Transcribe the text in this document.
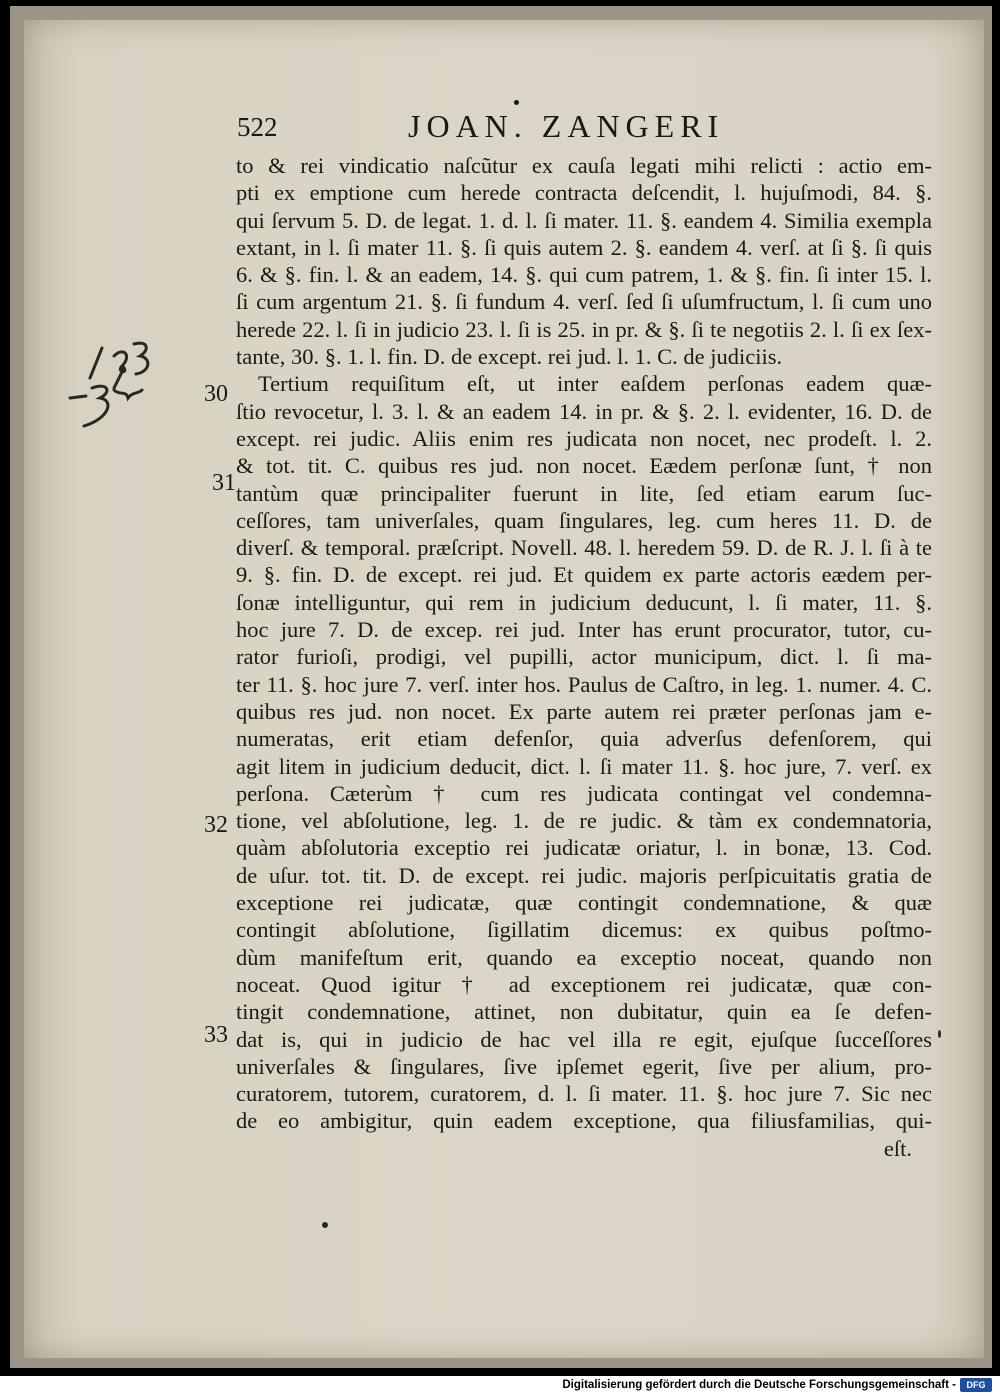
522	JOAN. ZANGERI
30
31
32
33
to & rei vindicatio naſcũtur ex cauſa legati mihi relicti : actio em-
pti ex emptione cum herede contracta deſcendit, l. hujuſmodi, 84. §.
qui ſervum 5. D. de legat. 1. d. l. ſi mater. 11. §. eandem 4. Similia exempla
extant, in l. ſi mater 11. §. ſi quis autem 2. §. eandem 4. verſ. at ſi §. ſi quis
6. & §. fin. l. & an eadem, 14. §. qui cum patrem, 1. & §. fin. ſi inter 15. l.
ſi cum argentum 21. §. ſi fundum 4. verſ. ſed ſi uſumfructum, l. ſi cum uno
herede 22. l. ſi in judicio 23. l. ſi is 25. in pr. & §. ſi te negotiis 2. l. ſi ex ſex-
tante, 30. §. 1. l. fin. D. de except. rei jud. l. 1. C. de judiciis.
Tertium requiſitum eſt, ut inter eaſdem perſonas eadem quæ-
ſtio revocetur, l. 3. l. & an eadem 14. in pr. & §. 2. l. evidenter, 16. D. de
except. rei judic. Aliis enim res judicata non nocet, nec prodeſt. l. 2.
& tot. tit. C. quibus res jud. non nocet. Eædem perſonæ ſunt, † non
tantùm quæ principaliter fuerunt in lite, ſed etiam earum ſuc-
ceſſores, tam univerſales, quam ſingulares, leg. cum heres 11. D. de
diverſ. & temporal. præſcript. Novell. 48. l. heredem 59. D. de R. J. l. ſi à te
9. §. fin. D. de except. rei jud. Et quidem ex parte actoris eædem per-
ſonæ intelliguntur, qui rem in judicium deducunt, l. ſi mater, 11. §.
hoc jure 7. D. de excep. rei jud. Inter has erunt procurator, tutor, cu-
rator furioſi, prodigi, vel pupilli, actor municipum, dict. l. ſi ma-
ter 11. §. hoc jure 7. verſ. inter hos. Paulus de Caſtro, in leg. 1. numer. 4. C.
quibus res jud. non nocet. Ex parte autem rei præter perſonas jam e-
numeratas, erit etiam defenſor, quia adverſus defenſorem, qui
agit litem in judicium deducit, dict. l. ſi mater 11. §. hoc jure, 7. verſ. ex
perſona. Cæterùm † cum res judicata contingat vel condemna-
tione, vel abſolutione, leg. 1. de re judic. & tàm ex condemnatoria,
quàm abſolutoria exceptio rei judicatæ oriatur, l. in bonæ, 13. Cod.
de uſur. tot. tit. D. de except. rei judic. majoris perſpicuitatis gratia de
exceptione rei judicatæ, quæ contingit condemnatione, & quæ
contingit abſolutione, ſigillatim dicemus: ex quibus poſtmo-
dùm manifeſtum erit, quando ea exceptio noceat, quando non
noceat. Quod igitur † ad exceptionem rei judicatæ, quæ con-
tingit condemnatione, attinet, non dubitatur, quin ea ſe defen-
dat is, qui in judicio de hac vel illa re egit, ejuſque ſucceſſores
univerſales & ſingulares, ſive ipſemet egerit, ſive per alium, pro-
curatorem, tutorem, curatorem, d. l. ſi mater. 11. §. hoc jure 7. Sic nec
de eo ambigitur, quin eadem exceptione, qua filiusfamilias, qui-
eſt.
Digitalisierung gefördert durch die Deutsche Forschungsgemeinschaft -	DFG
